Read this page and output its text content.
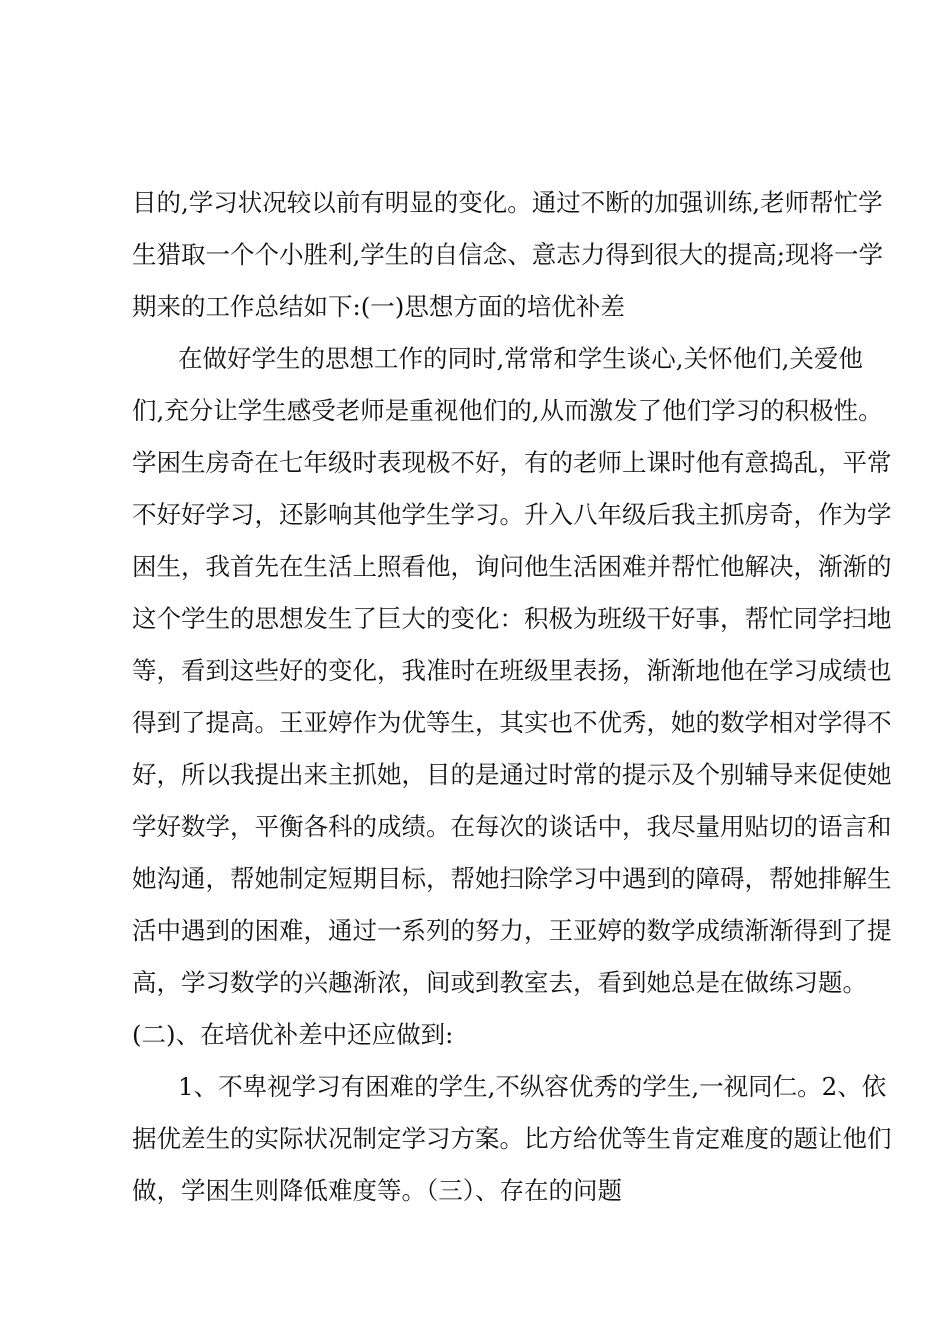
目的,学习状况较以前有明显的变化。通过不断的加强训练,老师帮忙学
生猎取一个个小胜利,学生的自信念、意志力得到很大的提高;现将一学
期来的工作总结如下:(一)思想方面的培优补差
在做好学生的思想工作的同时,常常和学生谈心,关怀他们,关爱他
们,充分让学生感受老师是重视他们的,从而激发了他们学习的积极性。
学困生房奇在七年级时表现极不好，有的老师上课时他有意捣乱，平常
不好好学习，还影响其他学生学习。升入八年级后我主抓房奇，作为学
困生，我首先在生活上照看他，询问他生活困难并帮忙他解决，渐渐的
这个学生的思想发生了巨大的变化：积极为班级干好事，帮忙同学扫地
等，看到这些好的变化，我准时在班级里表扬，渐渐地他在学习成绩也
得到了提高。王亚婷作为优等生，其实也不优秀，她的数学相对学得不
好，所以我提出来主抓她，目的是通过时常的提示及个别辅导来促使她
学好数学，平衡各科的成绩。在每次的谈话中，我尽量用贴切的语言和
她沟通，帮她制定短期目标，帮她扫除学习中遇到的障碍，帮她排解生
活中遇到的困难，通过一系列的努力，王亚婷的数学成绩渐渐得到了提
高，学习数学的兴趣渐浓，间或到教室去，看到她总是在做练习题。
(二)、在培优补差中还应做到:
1、不卑视学习有困难的学生,不纵容优秀的学生,一视同仁。2、依
据优差生的实际状况制定学习方案。比方给优等生肯定难度的题让他们
做，学困生则降低难度等。（三）、存在的问题
